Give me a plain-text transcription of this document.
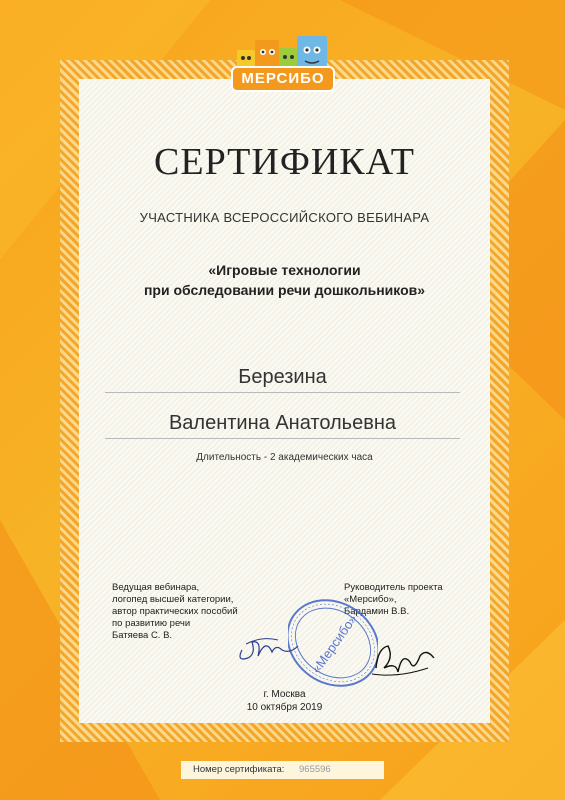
МЕРСИБО
СЕРТИФИКАТ
УЧАСТНИКА ВСЕРОССИЙСКОГО ВЕБИНАРА
«Игровые технологии
при обследовании речи дошкольников»
Березина
Валентина Анатольевна
Длительность - 2 академических часа
Ведущая вебинара,
логопед высшей категории,
автор практических пособий
по развитию речи
Батяева С. В.
Руководитель проекта
«Мерсибо»,
Бардамин В.В.
«Мерсибо»
г. Москва
10 октября 2019
Номер сертификата: 965596
